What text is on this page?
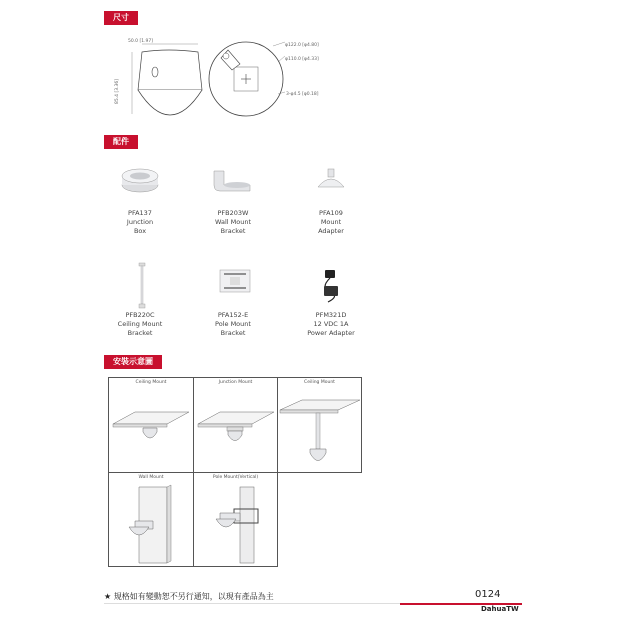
尺寸
配件
安裝示意圖
50.0 [1.97]
85.4 [3.36]
φ122.0 [φ4.80]
φ110.0 [φ4.33]
3-φ4.5 [φ0.18]
PFA137
Junction
Box
PFB203W
Wall Mount
Bracket
PFA109
Mount
Adapter
PFB220C
Ceiling Mount
Bracket
PFA152-E
Pole Mount
Bracket
PFM321D
12 VDC 1A
Power Adapter
Ceiling Mount	Junction Mount	Ceiling Mount
Wall Mount	Pole Mount(Vertical)
★ 規格如有變動恕不另行通知，以現有產品為主	0124
DahuaTW
